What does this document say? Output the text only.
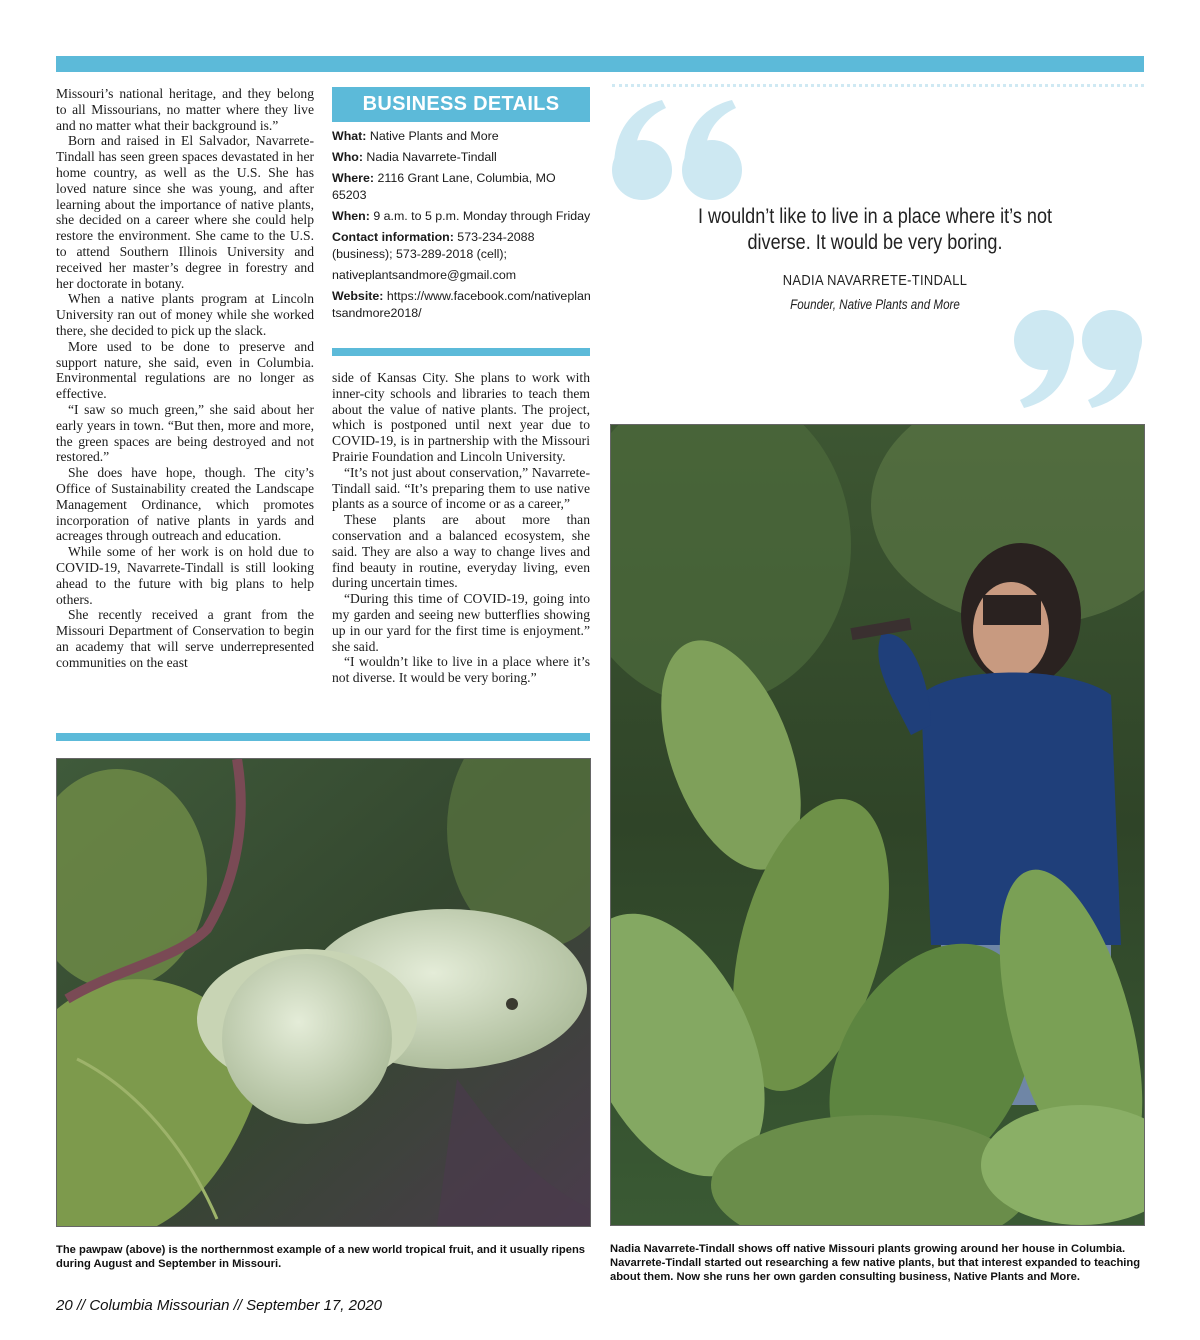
Missouri’s national heritage, and they belong to all Missourians, no matter where they live and no matter what their background is.”

Born and raised in El Salvador, Navarrete-Tindall has seen green spaces devastated in her home country, as well as the U.S. She has loved nature since she was young, and after learning about the importance of native plants, she decided on a career where she could help restore the environment. She came to the U.S. to attend Southern Illinois University and received her master’s degree in forestry and her doctorate in botany.

When a native plants program at Lincoln University ran out of money while she worked there, she decided to pick up the slack.

More used to be done to preserve and support nature, she said, even in Columbia. Environmental regulations are no longer as effective.

“I saw so much green,” she said about her early years in town. “But then, more and more, the green spaces are being destroyed and not restored.”

She does have hope, though. The city’s Office of Sustainability created the Landscape Management Ordinance, which promotes incorporation of native plants in yards and acreages through outreach and education.

While some of her work is on hold due to COVID-19, Navarrete-Tindall is still looking ahead to the future with big plans to help others.

She recently received a grant from the Missouri Department of Conservation to begin an academy that will serve underrepresented communities on the east

BUSINESS DETAILS
What: Native Plants and More
Who: Nadia Navarrete-Tindall
Where: 2116 Grant Lane, Columbia, MO 65203
When: 9 a.m. to 5 p.m. Monday through Friday
Contact information: 573-234-2088 (business); 573-289-2018 (cell);
nativeplantsandmore@gmail.com
Website: https://www.facebook.com/nativeplantsandmore2018/

side of Kansas City. She plans to work with inner-city schools and libraries to teach them about the value of native plants. The project, which is postponed until next year due to COVID-19, is in partnership with the Missouri Prairie Foundation and Lincoln University.

“It’s not just about conservation,” Navarrete-Tindall said. “It’s preparing them to use native plants as a source of income or as a career,”

These plants are about more than conservation and a balanced ecosystem, she said. They are also a way to change lives and find beauty in routine, everyday living, even during uncertain times.

“During this time of COVID-19, going into my garden and seeing new butterflies showing up in our yard for the first time is enjoyment.” she said.

“I wouldn’t like to live in a place where it’s not diverse. It would be very boring.”

I wouldn’t like to live in a place where it’s not diverse. It would be very boring.
NADIA NAVARRETE-TINDALL
Founder, Native Plants and More
The pawpaw (above) is the northernmost example of a new world tropical fruit, and it usually ripens during August and September in Missouri.
Nadia Navarrete-Tindall shows off native Missouri plants growing around her house in Columbia. Navarrete-Tindall started out researching a few native plants, but that interest expanded to teaching about them. Now she runs her own garden consulting business, Native Plants and More.
20 // Columbia Missourian // September 17, 2020
